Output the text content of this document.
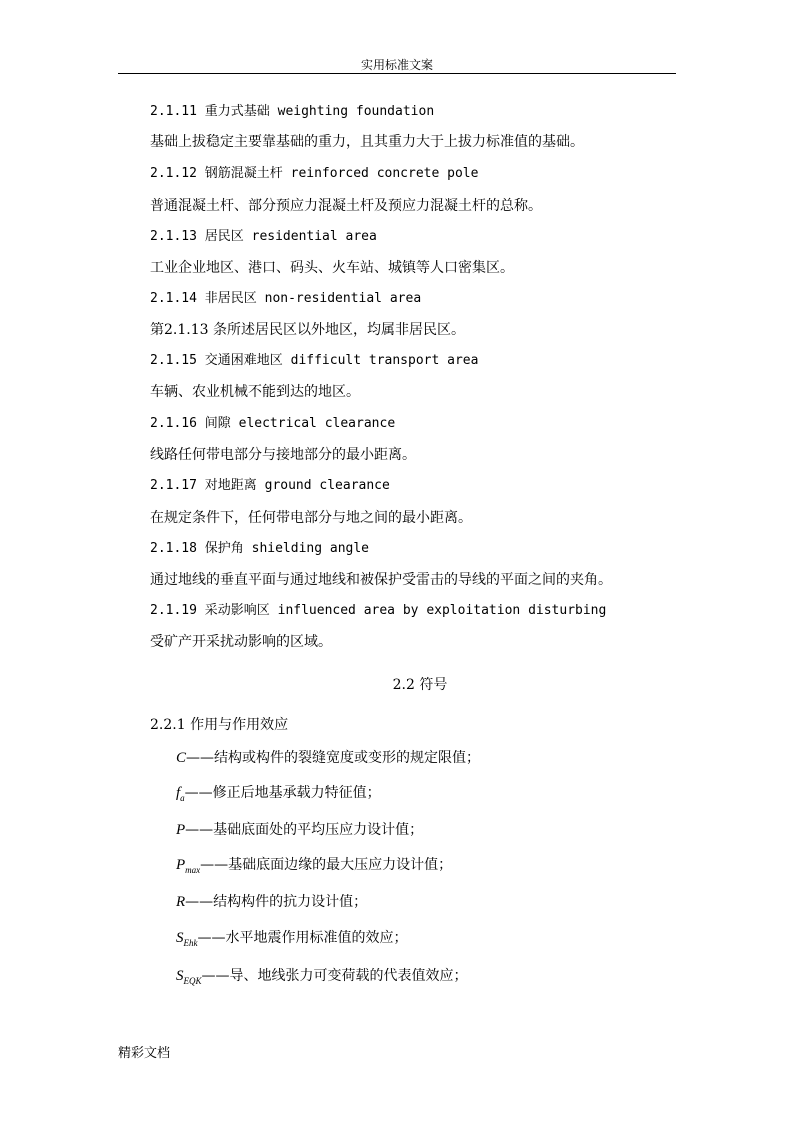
实用标准文案
2.1.11 重力式基础 weighting foundation
基础上拔稳定主要靠基础的重力，且其重力大于上拔力标准值的基础。
2.1.12 钢筋混凝土杆 reinforced concrete pole
普通混凝土杆、部分预应力混凝土杆及预应力混凝土杆的总称。
2.1.13 居民区 residential area
工业企业地区、港口、码头、火车站、城镇等人口密集区。
2.1.14 非居民区 non-residential area
第2.1.13 条所述居民区以外地区，均属非居民区。
2.1.15 交通困难地区 difficult transport area
车辆、农业机械不能到达的地区。
2.1.16 间隙 electrical clearance
线路任何带电部分与接地部分的最小距离。
2.1.17 对地距离 ground clearance
在规定条件下，任何带电部分与地之间的最小距离。
2.1.18 保护角 shielding angle
通过地线的垂直平面与通过地线和被保护受雷击的导线的平面之间的夹角。
2.1.19 采动影响区 influenced area by exploitation disturbing
受矿产开采扰动影响的区域。
2.2 符号
2.2.1 作用与作用效应
C——结构或构件的裂缝宽度或变形的规定限值；
$f_a——$修正后地基承载力特征值；
P——基础底面处的平均压应力设计值；
$P_{max}——$基础底面边缘的最大压应力设计值；
R——结构构件的抗力设计值；
$S_{Ehk}——$水平地震作用标准值的效应；
$S_{EQK}——$导、地线张力可变荷载的代表值效应；
精彩文档
